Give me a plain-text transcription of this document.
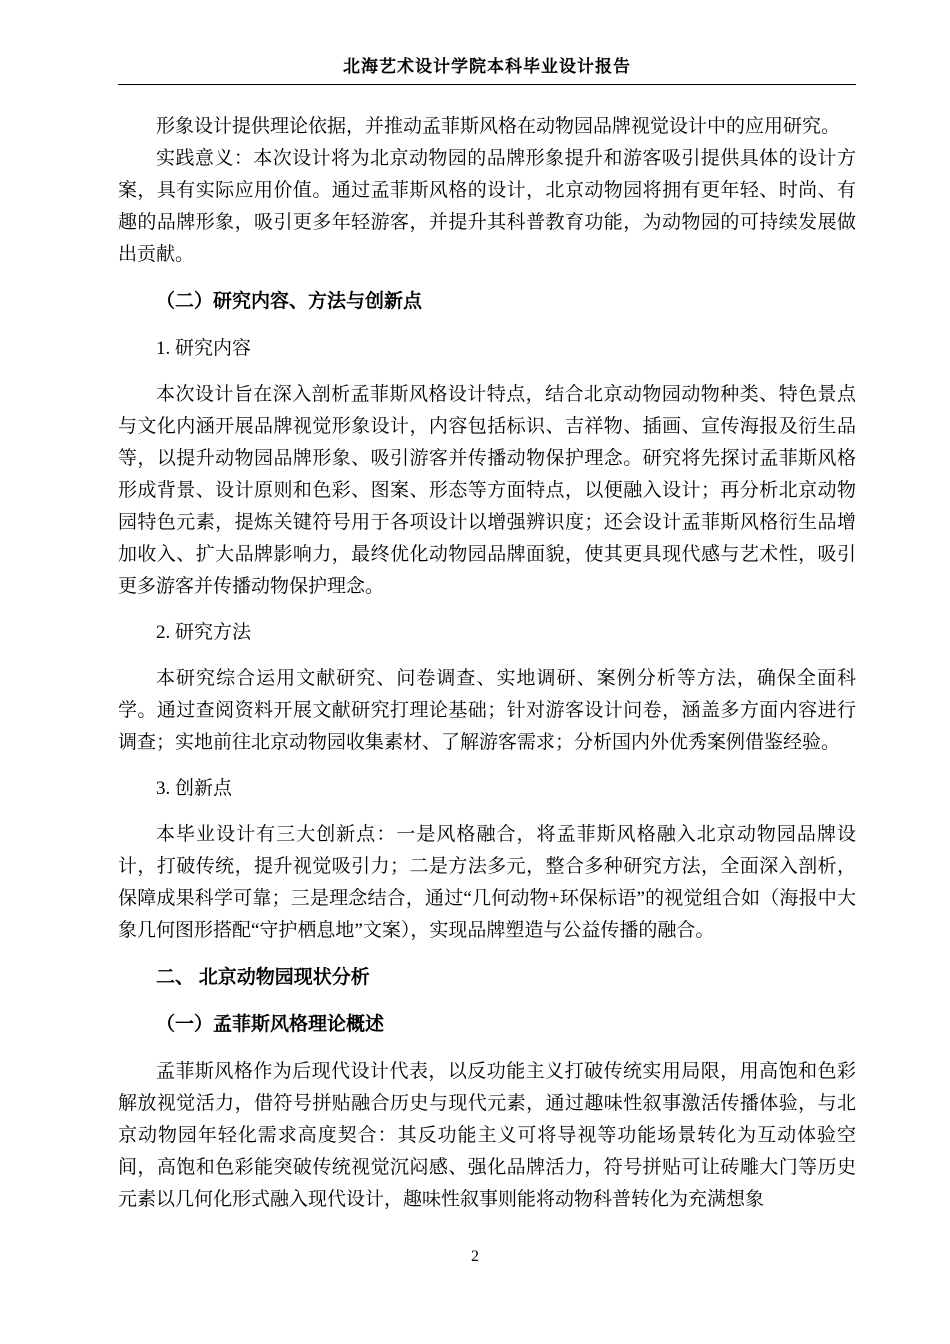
北海艺术设计学院本科毕业设计报告

形象设计提供理论依据，并推动孟菲斯风格在动物园品牌视觉设计中的应用研究。

实践意义：本次设计将为北京动物园的品牌形象提升和游客吸引提供具体的设计方案，具有实际应用价值。通过孟菲斯风格的设计，北京动物园将拥有更年轻、时尚、有趣的品牌形象，吸引更多年轻游客，并提升其科普教育功能，为动物园的可持续发展做出贡献。

（二）研究内容、方法与创新点

1. 研究内容

本次设计旨在深入剖析孟菲斯风格设计特点，结合北京动物园动物种类、特色景点与文化内涵开展品牌视觉形象设计，内容包括标识、吉祥物、插画、宣传海报及衍生品等，以提升动物园品牌形象、吸引游客并传播动物保护理念。研究将先探讨孟菲斯风格形成背景、设计原则和色彩、图案、形态等方面特点，以便融入设计；再分析北京动物园特色元素，提炼关键符号用于各项设计以增强辨识度；还会设计孟菲斯风格衍生品增加收入、扩大品牌影响力，最终优化动物园品牌面貌，使其更具现代感与艺术性，吸引更多游客并传播动物保护理念。

2. 研究方法

本研究综合运用文献研究、问卷调查、实地调研、案例分析等方法，确保全面科学。通过查阅资料开展文献研究打理论基础；针对游客设计问卷，涵盖多方面内容进行调查；实地前往北京动物园收集素材、了解游客需求；分析国内外优秀案例借鉴经验。

3. 创新点

本毕业设计有三大创新点：一是风格融合，将孟菲斯风格融入北京动物园品牌设计，打破传统，提升视觉吸引力；二是方法多元，整合多种研究方法，全面深入剖析，保障成果科学可靠；三是理念结合，通过“几何动物+环保标语”的视觉组合如（海报中大象几何图形搭配“守护栖息地”文案），实现品牌塑造与公益传播的融合。

二、 北京动物园现状分析
（一）孟菲斯风格理论概述

孟菲斯风格作为后现代设计代表，以反功能主义打破传统实用局限，用高饱和色彩解放视觉活力，借符号拼贴融合历史与现代元素，通过趣味性叙事激活传播体验，与北京动物园年轻化需求高度契合：其反功能主义可将导视等功能场景转化为互动体验空间，高饱和色彩能突破传统视觉沉闷感、强化品牌活力，符号拼贴可让砖雕大门等历史元素以几何化形式融入现代设计，趣味性叙事则能将动物科普转化为充满想象

2
